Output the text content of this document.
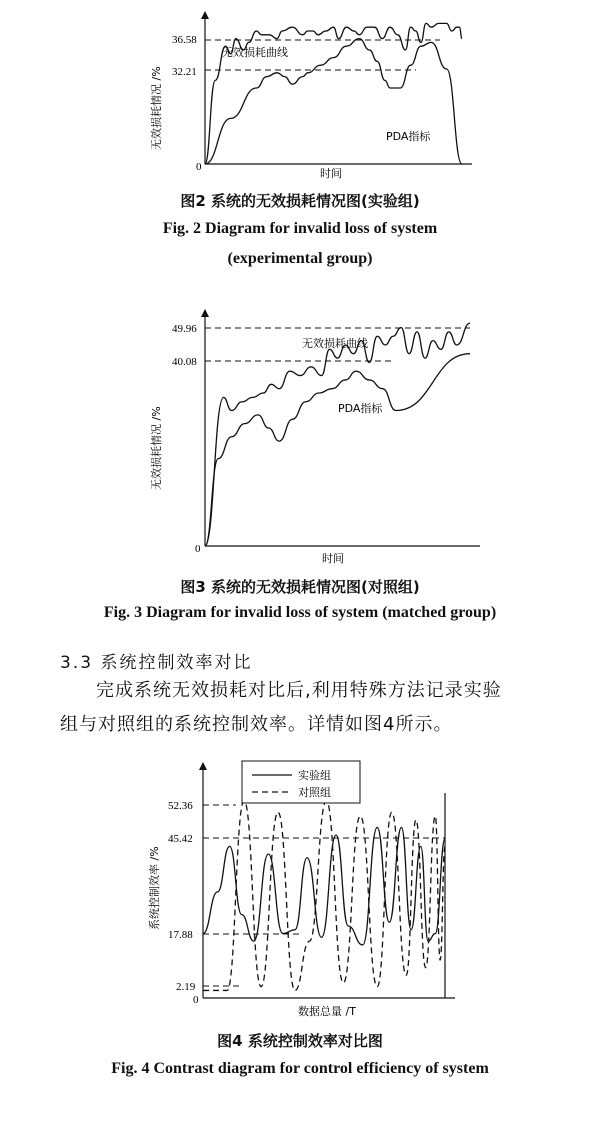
无效损耗情况 /%
36.58
32.21
0	时间
无效损耗曲线
PDA指标
图2 系统的无效损耗情况图(实验组)
Fig. 2 Diagram for invalid loss of system
(experimental group)
无效损耗情况 /%
49.96
40.08
0
时间
无效损耗曲线
PDA指标
图3 系统的无效损耗情况图(对照组)
Fig. 3 Diagram for invalid loss of system (matched group)
3.3 系统控制效率对比
完成系统无效损耗对比后,利用特殊方法记录实验
组与对照组的系统控制效率。详情如图4所示。
实验组
对照组
系统控制效率 /%
52.36
45.42
17.88
2.19
0
数据总量 /T
图4 系统控制效率对比图
Fig. 4 Contrast diagram for control efficiency of system
